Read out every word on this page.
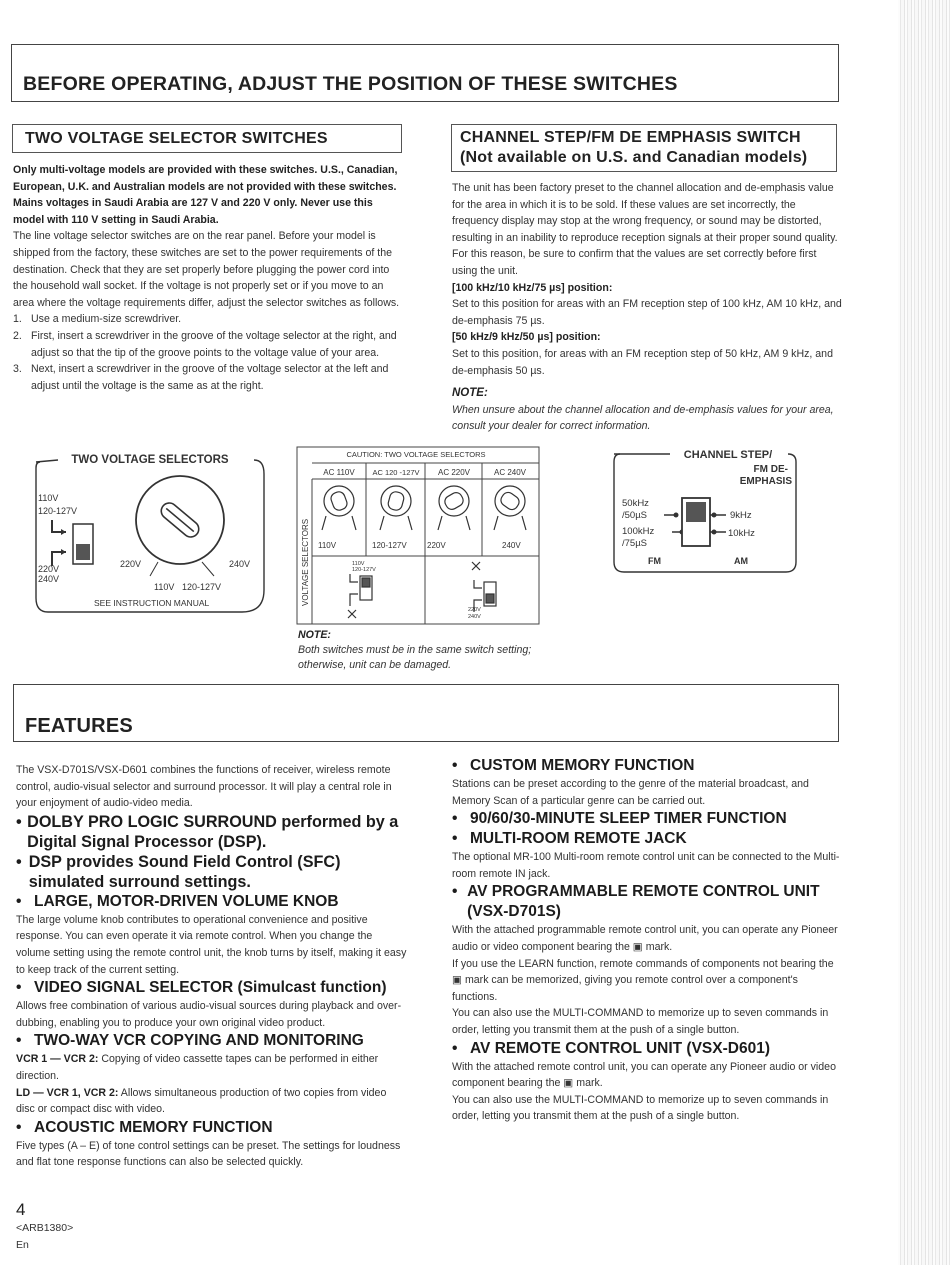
BEFORE OPERATING, ADJUST THE POSITION OF THESE SWITCHES
TWO VOLTAGE SELECTOR SWITCHES

Only multi-voltage models are provided with these switches. U.S., Canadian, European, U.K. and Australian models are not provided with these switches.

Mains voltages in Saudi Arabia are 127 V and 220 V only. Never use this model with 110 V setting in Saudi Arabia.

The line voltage selector switches are on the rear panel. Before your model is shipped from the factory, these switches are set to the power requirements of the destination. Check that they are set properly before plugging the power cord into the household wall socket. If the voltage is not properly set or if you move to an area where the voltage requirements differ, adjust the selector switches as follows.

1. Use a medium-size screwdriver.
2. First, insert a screwdriver in the groove of the voltage selector at the right, and adjust so that the tip of the groove points to the voltage value of your area.
3. Next, insert a screwdriver in the groove of the voltage selector at the left and adjust until the voltage is the same as at the right.
CHANNEL STEP/FM DE EMPHASIS SWITCH
(Not available on U.S. and Canadian models)

The unit has been factory preset to the channel allocation and de-emphasis value for the area in which it is to be sold. If these values are set incorrectly, the frequency display may stop at the wrong frequency, or sound may be distorted, resulting in an inability to reproduce reception signals at their proper sound quality. For this reason, be sure to confirm that the values are set correctly before first using the unit.

[100 kHz/10 kHz/75 µs] position:

Set to this position for areas with an FM reception step of 100 kHz, AM 10 kHz, and de-emphasis 75 µs.

[50 kHz/9 kHz/50 µs] position:

Set to this position, for areas with an FM reception step of 50 kHz, AM 9 kHz, and de-emphasis 50 µs.

NOTE:

When unsure about the channel allocation and de-emphasis values for your area, consult your dealer for correct information.

TWO VOLTAGE SELECTORS
110V
120-127V
220V
240V
220V	240V
110V 120-127V
SEE INSTRUCTION MANUAL
CAUTION: TWO VOLTAGE SELECTORS
AC 110V AC 120 -127V AC 220V	AC 240V
VOLTAGE SELECTORS 110V	120-127V	220V	240V
110V
120-127V
220V
240V

NOTE:

Both switches must be in the same switch setting; otherwise, unit can be damaged.

CHANNEL STEP/
FM DE-
EMPHASIS
50kHz
/50µS
100kHz
/75µS
9kHz
10kHz
FM	AM
FEATURES

The VSX-D701S/VSX-D601 combines the functions of receiver, wireless remote control, audio-visual selector and surround processor. It will play a central role in your enjoyment of audio-video media.

• DOLBY PRO LOGIC SURROUND performed by a Digital Signal Processor (DSP).

• DSP provides Sound Field Control (SFC) simulated surround settings.

• LARGE, MOTOR-DRIVEN VOLUME KNOB

The large volume knob contributes to operational convenience and positive response. You can even operate it via remote control. When you change the volume setting using the remote control unit, the knob turns by itself, making it easy to keep track of the current setting.

• VIDEO SIGNAL SELECTOR (Simulcast function)

Allows free combination of various audio-visual sources during playback and over-dubbing, enabling you to produce your own original video product.

• TWO-WAY VCR COPYING AND MONITORING

VCR 1 — VCR 2: Copying of video cassette tapes can be performed in either direction.

LD — VCR 1, VCR 2: Allows simultaneous production of two copies from video disc or compact disc with video.

• ACOUSTIC MEMORY FUNCTION

Five types (A – E) of tone control settings can be preset. The settings for loudness and flat tone response functions can also be selected quickly.

• CUSTOM MEMORY FUNCTION

Stations can be preset according to the genre of the material broadcast, and Memory Scan of a particular genre can be carried out.

• 90/60/30-MINUTE SLEEP TIMER FUNCTION

• MULTI-ROOM REMOTE JACK

The optional MR-100 Multi-room remote control unit can be connected to the Multi-room remote IN jack.

• AV PROGRAMMABLE REMOTE CONTROL UNIT (VSX-D701S)

With the attached programmable remote control unit, you can operate any Pioneer audio or video component bearing the ▣ mark.

If you use the LEARN function, remote commands of components not bearing the ▣ mark can be memorized, giving you remote control over a component's functions.

You can also use the MULTI-COMMAND to memorize up to seven commands in order, letting you transmit them at the push of a single button.

• AV REMOTE CONTROL UNIT (VSX-D601)

With the attached remote control unit, you can operate any Pioneer audio or video component bearing the ▣ mark.

You can also use the MULTI-COMMAND to memorize up to seven commands in order, letting you transmit them at the push of a single button.

4

<ARB1380>

En
